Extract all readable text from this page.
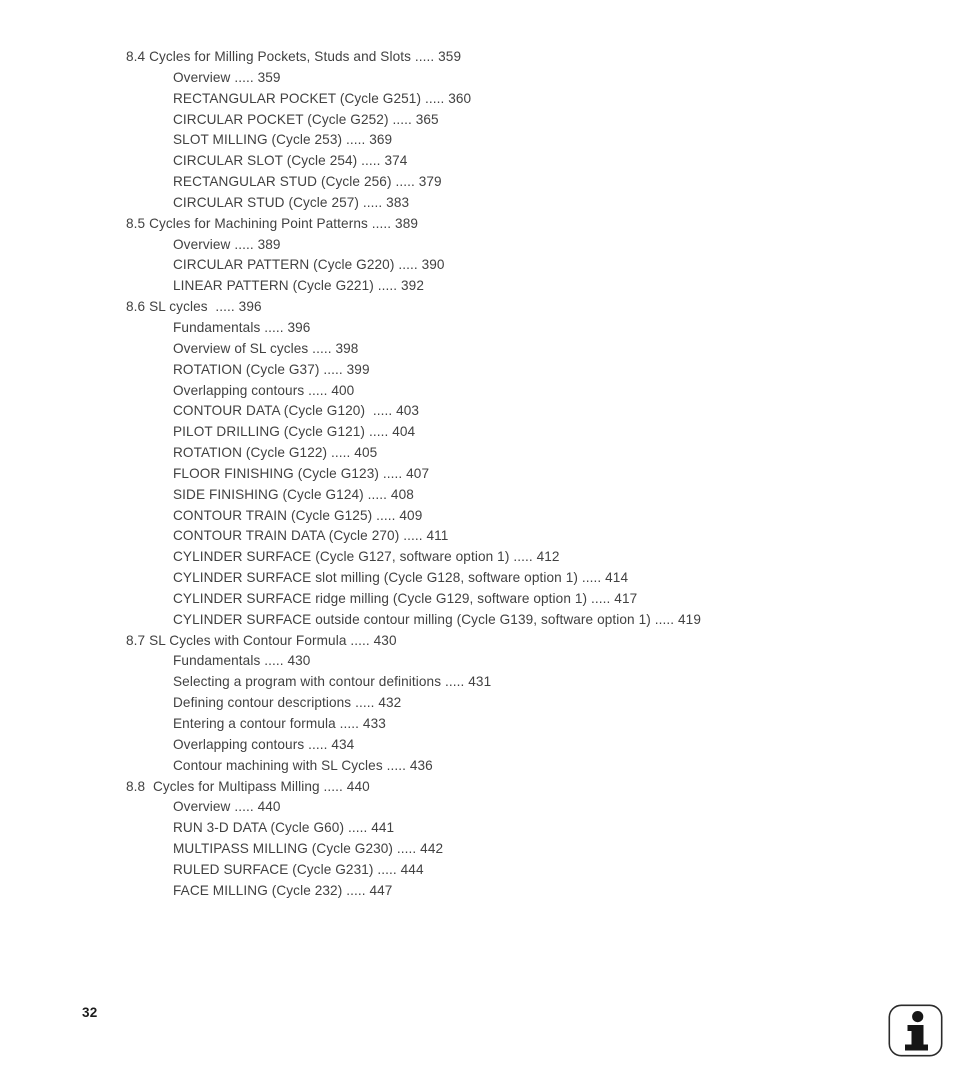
8.4 Cycles for Milling Pockets, Studs and Slots ..... 359
Overview ..... 359
RECTANGULAR POCKET (Cycle G251) ..... 360
CIRCULAR POCKET (Cycle G252) ..... 365
SLOT MILLING (Cycle 253) ..... 369
CIRCULAR SLOT (Cycle 254) ..... 374
RECTANGULAR STUD (Cycle 256) ..... 379
CIRCULAR STUD (Cycle 257) ..... 383
8.5 Cycles for Machining Point Patterns ..... 389
Overview ..... 389
CIRCULAR PATTERN (Cycle G220) ..... 390
LINEAR PATTERN (Cycle G221) ..... 392
8.6 SL cycles  ..... 396
Fundamentals ..... 396
Overview of SL cycles ..... 398
ROTATION (Cycle G37) ..... 399
Overlapping contours ..... 400
CONTOUR DATA (Cycle G120)  ..... 403
PILOT DRILLING (Cycle G121) ..... 404
ROTATION (Cycle G122) ..... 405
FLOOR FINISHING (Cycle G123) ..... 407
SIDE FINISHING (Cycle G124) ..... 408
CONTOUR TRAIN (Cycle G125) ..... 409
CONTOUR TRAIN DATA (Cycle 270) ..... 411
CYLINDER SURFACE (Cycle G127, software option 1) ..... 412
CYLINDER SURFACE slot milling (Cycle G128, software option 1) ..... 414
CYLINDER SURFACE ridge milling (Cycle G129, software option 1) ..... 417
CYLINDER SURFACE outside contour milling (Cycle G139, software option 1) ..... 419
8.7 SL Cycles with Contour Formula ..... 430
Fundamentals ..... 430
Selecting a program with contour definitions ..... 431
Defining contour descriptions ..... 432
Entering a contour formula ..... 433
Overlapping contours ..... 434
Contour machining with SL Cycles ..... 436
8.8  Cycles for Multipass Milling ..... 440
Overview ..... 440
RUN 3-D DATA (Cycle G60) ..... 441
MULTIPASS MILLING (Cycle G230) ..... 442
RULED SURFACE (Cycle G231) ..... 444
FACE MILLING (Cycle 232) ..... 447
32
